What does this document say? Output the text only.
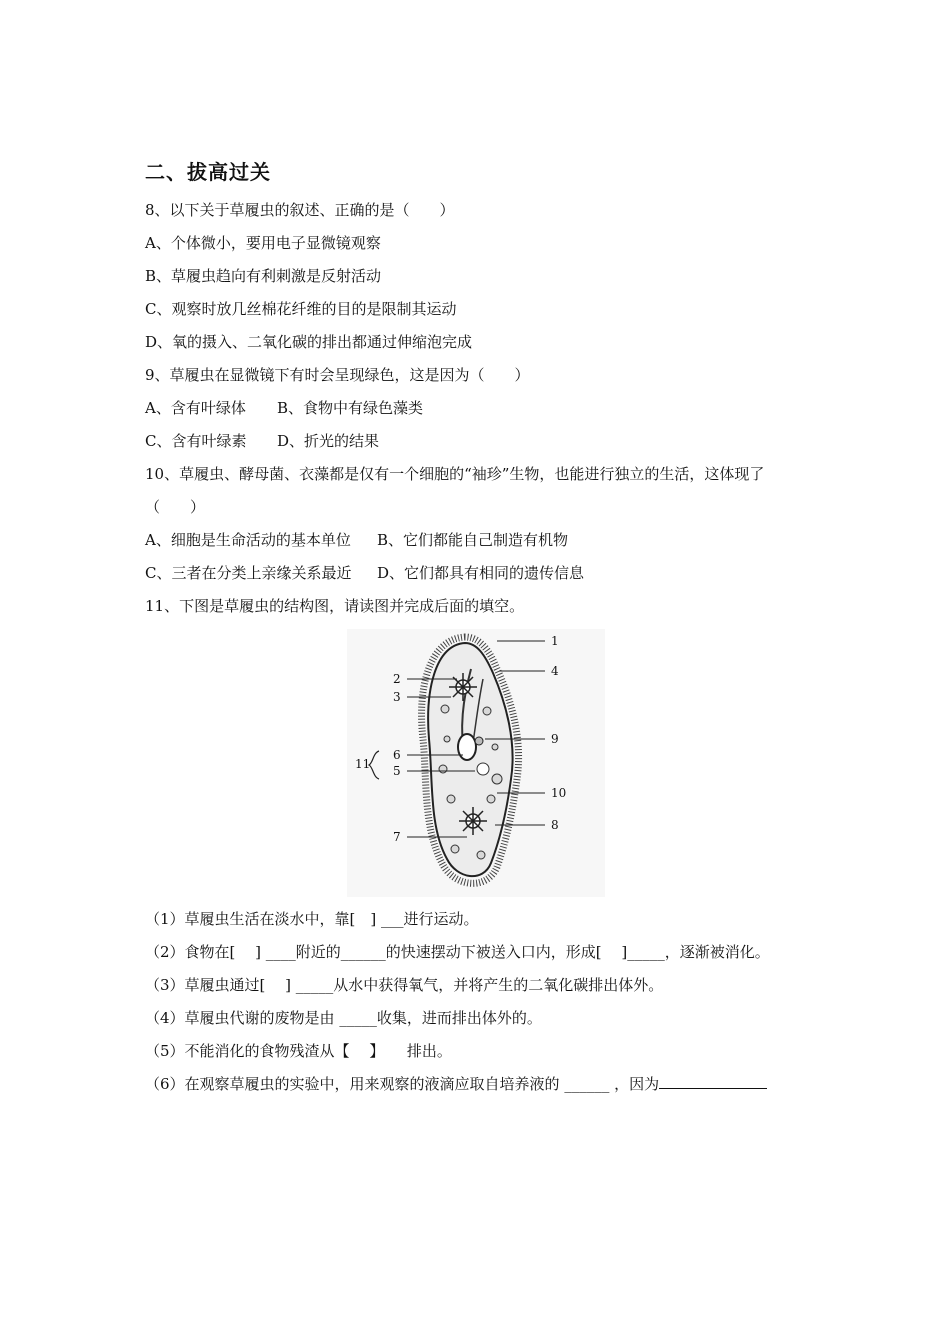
二、拔高过关
8、以下关于草履虫的叙述、正确的是（　　）
A、个体微小，要用电子显微镜观察
B、草履虫趋向有利刺激是反射活动
C、观察时放几丝棉花纤维的目的是限制其运动
D、氧的摄入、二氧化碳的排出都通过伸缩泡完成
9、草履虫在显微镜下有时会呈现绿色，这是因为（　　）
A、含有叶绿体 B、食物中有绿色藻类
C、含有叶绿素 D、折光的结果
10、草履虫、酵母菌、衣藻都是仅有一个细胞的“袖珍”生物，也能进行独立的生活，这体现了（　　）
A、细胞是生命活动的基本单位 B、它们都能自己制造有机物
C、三者在分类上亲缘关系最近 D、它们都具有相同的遗传信息
11、下图是草履虫的结构图，请读图并完成后面的填空。
1
2
3
4
5
6
7
8
9
10
11
（1）草履虫生活在淡水中，靠[　] ___进行运动。
（2）食物在[　 ] ____附近的______的快速摆动下被送入口内，形成[　 ]_____，逐渐被消化。
（3）草履虫通过[　 ] _____从水中获得氧气，并将产生的二氧化碳排出体外。
（4）草履虫代谢的废物是由 _____收集，进而排出体外的。
（5）不能消化的食物残渣从【　 】　　排出。
（6）在观察草履虫的实验中，用来观察的液滴应取自培养液的 ______ ，因为
